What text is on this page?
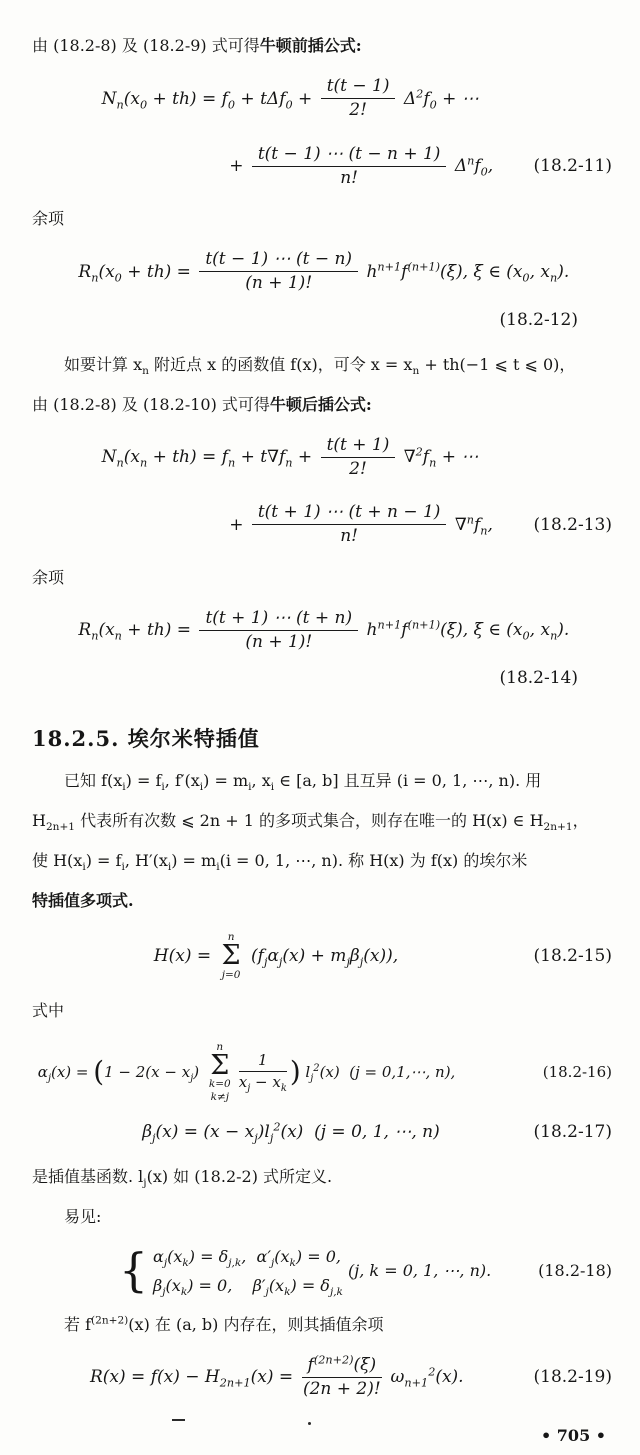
由 (18.2-8) 及 (18.2-9) 式可得牛顿前插公式:

$N_n(x_0 + th) = f_0 + t\Delta f_0 + \frac{t(t - 1)}{2!} \Delta^2f_0$ + ⋯
+ $\frac{t(t - 1) \cdots (t - n + 1)}{n!} \Delta^nf_0$,	(18.2-11)

余项

$R_n(x_0 + th) = \frac{t(t - 1) \cdots (t - n)}{(n + 1)!} h^{n+1}f^{(n+1)}(\xi)$, ξ ∈ ($x_0$, $x_n$).
(18.2-12)

如要计算 $x_n$ 附近点 x 的函数值 f(x)，可令 $x = x_n + th(-1$ ⩽ t ⩽ 0)，

由 (18.2-8) 及 (18.2-10) 式可得牛顿后插公式:

$N_n(x_n + th) = f_n + t\nabla f_n + \frac{t(t + 1)}{2!} \nabla^2f_n$ + ⋯
+ $\frac{t(t + 1) \cdots (t + n - 1)}{n!} \nabla^nf_n$,	(18.2-13)

余项

$R_n(x_n + th) = \frac{t(t + 1) \cdots (t + n)}{(n + 1)!} h^{n+1}f^{(n+1)}(\xi)$, ξ ∈ ($x_0$, $x_n$).
(18.2-14)
18.2.5. 埃尔米特插值

已知 $f(x_i) = f_i$, $f'(x_i) = m_i$, $x_i$ ∈ [a, b] 且互异 (i = 0, 1, ⋯, n). 用

$H_{2n+1}$ 代表所有次数 ⩽ 2n + 1 的多项式集合，则存在唯一的 H(x) ∈ $H_{2n+1}$，

使 $H(x_i) = f_i$, $H'(x_i) = m_i(i = 0$, 1, ⋯, n). 称 H(x) 为 f(x) 的埃尔米

特插值多项式.

H(x) =
n
Σ
j=0
$(f_j\alpha_j(x) + m_j\beta_j(x))$,	(18.2-15)

式中

$\alpha_j(x)$ = ( $1 - 2(x - x_j)$
n
Σ
k=0
k≠j
$\frac{1}{x_j - x_k}$ ) $l_j^2(x) (j$ = 0,1,⋯, n),	(18.2-16)
$\beta_j(x) = (x - x_j)l_j^2(x) (j = 0$, 1, ⋯, n)	(18.2-17)

是插值基函数. $l_j(x)$ 如 (18.2-2) 式所定义.

易见:

{ $\alpha_j(x_k) = \delta_{j,k}$,  $\alpha'_j(x_k) = 0$,
$\beta_j(x_k) = 0$,    $\beta'_j(x_k) = \delta_{j,k}$
(j, k = 0, 1, ⋯, n).	(18.2-18)

若 $f^{(2n+2)}(x)$ 在 (a, b) 内存在，则其插值余项

$R(x) = f(x) - H_{2n+1}(x) = \frac{f^{(2n+2)}(\xi)}{(2n + 2)!} \omega_{n+1}^2(x)$.	(18.2-19)
• 705 •
